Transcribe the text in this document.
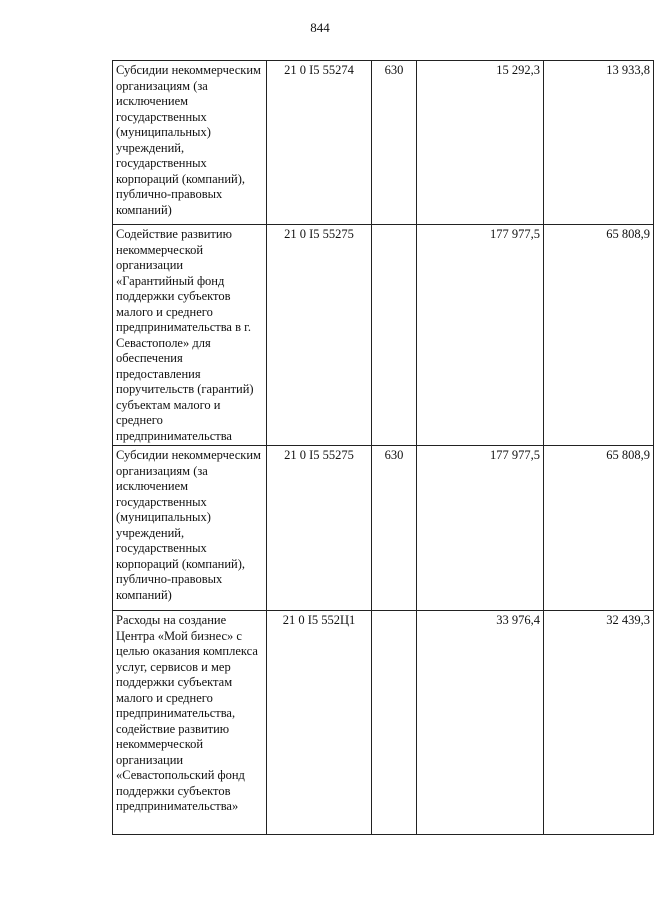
844
Субсидии некоммерческим организациям (за исключением государственных (муниципальных) учреждений, государственных корпораций (компаний), публично-правовых компаний)	21 0 I5 55274	630	15 292,3	13 933,8
Содействие развитию некоммерческой организации «Гарантийный фонд поддержки субъектов малого и среднего предпринимательства в г. Севастополе» для обеспечения предоставления поручительств (гарантий) субъектам малого и среднего предпринимательства	21 0 I5 55275		177 977,5	65 808,9
Субсидии некоммерческим организациям (за исключением государственных (муниципальных) учреждений, государственных корпораций (компаний), публично-правовых компаний)	21 0 I5 55275	630	177 977,5	65 808,9
Расходы на создание Центра «Мой бизнес» с целью оказания комплекса услуг, сервисов и мер поддержки субъектам малого и среднего предпринимательства, содействие развитию некоммерческой организации «Севастопольский фонд поддержки субъектов предпринимательства»	21 0 I5 552Ц1		33 976,4	32 439,3
